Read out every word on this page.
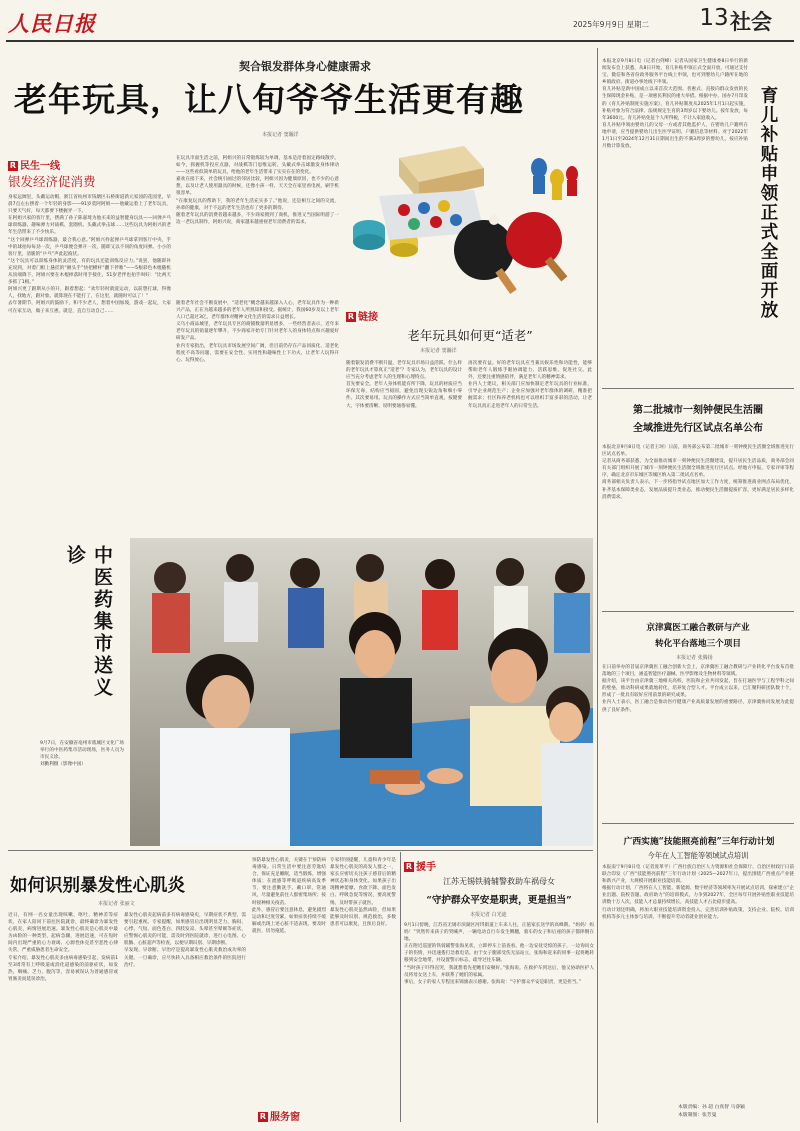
人民日报	2025年9月9日 星期二	13 社会
契合银发群体身心健康需求
老年玩具，让八旬爷爷生活更有趣
本报记者 窦瀚洋
R 民生一线
银发经济促消费
身家远阔里，头戴运动帽，浙江省杭州市钱塘区石桥街道新元家园的花园里，早晨7点左右摆着一个年轻的身影——91岁莫阿阿姐——他戴运着上了老年玩具，只要天气好，每天都要下楼握弄一下。
在阿姐兴家的客厅里，摆满了孙子陈嘉琦为他买来的益智健身玩具——回弹乒乓球训练器、趣味弹力对战棋、套圈机、头戴式拳击球……这些玩具为阿姐兴的老年生活带来了不少快乐。
“这个回弹乒乓球训练器，最合我心意。”阿姐兴拎起弹乒乓球拿到客厅中央，手中的球拍每每劲一次，乒乓球便会弹开一次，随即又以不同的角度回弹。小小的客厅里，清脆的“乒乓”声此起彼伏。
“这个玩具可以训练身体的灵活度，有的玩具还能训练反应力。”说罢，他随即补充说到，对着门框上悬挂的“额头手”快把横杆“翻下伴唯”——5根彩色木棍随机从顶端降下，阿姐兴要在木棍掉落时用手接住，51岁老伴也拍手叫好：“比两天多抓了1根。”
阿姐兴更了跟斯从小的开，跟着想起：“欢年轻时就爱运动，以前想打球，得像人，找地方，跟对象。就算现在不能打了，在这里，就随时可以了！”
去年暑期节，阿姐兴的鼓励下，和不少老人，想着中国加坡，游戏一起玩，大家可在家互动，做子来互惠，就是，直自互动自己……
在玩具市面生活之前，阿姐兴的日常锻炼较为单调，基本是沿着固定路线散步。如今，抓握机等投应点器，对战棋等门思维运转，头戴式拳击球激发身体律动——这些看似简单的玩具，给他的老年生活带来了实实在在的变化。
嘉欢在接下来，社会统引画过的邻居比较，阿姐兴因为健康原因，也不少的心意想，以及让老人使用器具的时候，还像小孩一样，天天全在家里看电视，刷手机很容单。
“在康复玩具的帮助下，我的老年生活充实多了。”他说，还是相互之间的交流，孙辈的健康，对于不远的老年生活也有了更多的期待。
随着老年玩具的消费者越来越多，不少商家拥到了商机，推进又当国际明游了一边一老玩具制作，阿姐兴说，商家越来越重视老年消费者的需求。
随着老年社会不断发展中，“适老化”概念越来越深入人心，老年玩具作为一种新兴产品，正在为越来越多的老年人所熟知和接受。据统计，我国60岁及以上老年人口已超过3亿，老年群体对精神文化生活的需求日益增长。
义乌小商品城里，老年玩具专区的商铺数量明显增多，一些经营者表示，近年来老年玩具的销量逐年攀升，不少商家开始专门针对老年人的身体特点和兴趣爱好研发产品。
业内专家指出，老年玩具市场发展空间广阔，但目前仍存在产品同质化、适老化程度不高等问题，需要在安全性、实用性和趣味性上下功夫，让老年人玩得开心、玩得放心。
R 链接
老年玩具如何更“适老”
本报记者 窦瀚洋
随着银发消费不断升温，老年玩具市场日益活跃。什么样的老年玩具才算真正“适老”？专家认为，老年玩具的设计应当充分考虑老年人的生理和心理特点。
首先要安全。老年人身体机能有所下降，玩具的材质应当环保无毒，结构应当稳固，避免出现尖锐边角和细小零件。其次要易用。玩具的操作方式应当简单直观，按键要大、字体要清晰、说明要通俗易懂。
再次要有益。好的老年玩具应当兼具娱乐性和功能性，能够帮助老年人锻炼手眼协调能力、活跃思维、促进社交。此外，还要注重情感陪伴，满足老年人的精神需求。
业内人士建议，相关部门应加快制定老年玩具的行业标准，引导企业规范生产；企业应加强对老年群体的调研，精准把握需求；社区和养老机构也可以组织丰富多彩的活动，让老年玩具真正走进老年人的日常生活。
中医药集市送义诊
9月7日，在安徽省亳州市谯城区文化广场举行的中医药集市活动现场，医务人员为市民义诊。
刘勤利摄（影像中国）
如何识别暴发性心肌炎
本报记者 张丽文
近日，有网一名女童出现咳嗽、呕吐、精神差等症状，在家人陪同下前往医院就诊，最终确诊为暴发性心肌炎，病情进展迅速。暴发性心肌炎是心肌炎中最为凶险的一种类型，起病急骤，进展迅速，可在短时间内出现严重的心力衰竭、心源性休克甚至恶性心律失常，严重威胁患者生命安全。
专家介绍，暴发性心肌炎多由病毒感染引起，发病前1至3周常有上呼吸道或消化道感染的前驱症状，如发热、咽痛、乏力、腹泻等，容易被误认为普通感冒或胃肠炎而延误诊治。
暴发性心肌炎起病前多有病毒感染史，早期症状不典型，需要引起重视。专家提醒，如果感冒后出现明显乏力、胸闷、心悸、气短、面色苍白、四肢发凉、头晕甚至晕厥等症状，应警惕心肌炎的可能，需及时到医院就诊，进行心电图、心肌酶、心脏超声等检查，以便早期识别、早期诊断。
早发现、早诊断、早治疗是提高暴发性心肌炎救治成功率的关键。一旦确诊，应尽快转入具备相应救治条件的医院进行治疗。
预防暴发性心肌炎，关键在于预防病毒感染。日常生活中要注意劳逸结合，保证充足睡眠，适当锻炼，增强体质；在流感等呼吸道疾病高发季节，要注意勤洗手、戴口罩、常通风，尽量避免前往人群密集场所；按时接种相关疫苗。
此外，感冒后要注意休息，避免剧烈运动和过度劳累，如果症状持续不缓解或出现上述心脏不适表现，要及时就医，切勿拖延。
专家特别提醒，儿童和青少年是暴发性心肌炎的高发人群之一，家长应密切关注孩子感冒后的精神状态和身体变化。如果孩子出现精神萎靡、食欲下降、面色发白、呼吸急促等情况，要高度警惕，及时带孩子就医。
暴发性心肌炎虽然凶险，但如果能够及时识别、规范救治，多数患者可以康复，且预后良好。
R 服务窗
R 援手
江苏无锡铁骑辅警救助车祸母女
“守护群众平安是职责，更是担当”
本报记者 白光迪
9月1日傍晚，江苏省无锡市滨湖区河埒街道上车来人往，正值家长送学的高峰期。“妈妈！妈妈！”突然传来孩子的哭喊声，一辆电动自行车发生侧翻，骑车的女子和后座的孩子都摔倒在地。
正在附近巡逻的铁骑辅警张海见状，立即停车上前查看。他一边安抚受惊的孩子，一边询问女子的伤情，并迅速拨打急救电话。由于女子腿部受伤无法站立，张海和赶来的同事一起将她转移到安全地带，并设置警示标志，疏导过往车辆。
“当时孩子吓得直哭，我就想着先把她们安顿好。”张海说。在救护车到达后，他又协助医护人员将母女送上车，并联系了她们的家属。
事后，女子的家人专程送来锦旗表示感谢。张海说：“守护群众平安是职责，更是担当。”
本报北京9月8日电（记者白剑峰）记者从国家卫生健康委8日举行的新闻发布会上获悉，从8日开始，育儿补贴申领正式全面开放，可通过支付宝、微信和各省份政务服务平台线上申领，也可到婴幼儿户籍所在地的乡镇政府、街道办事处线下申领。
育儿补贴是新中国成立以来首次大范围、普惠式、直接向群众发放的民生保障现金补贴，是一项惠民利民的重大举措。根据中办、国办7月印发的《育儿补贴制度实施方案》，育儿补贴制度从2025年1月1日起实施，补贴对象为符合法律、法规规定生育的3周岁以下婴幼儿。按年发放，每年3600元。育儿补贴免征个人所得税，不计入家庭收入。
育儿补贴申领由婴幼儿的父母一方或者其他监护人，在婴幼儿户籍所在地申请，应当提供婴幼儿出生医学证明、户籍信息等材料。对于2022年1月1日至2024年12月31日期间出生的不满3周岁的婴幼儿，按应补贴月数计算发放。	育儿补贴申领正式全面开放
第二批城市一刻钟便民生活圈
全域推进先行区试点名单公布
本报北京9月8日电（记者王珂）日前，商务部公布第二批城市一刻钟便民生活圈全域推进先行区试点名单。
记者从商务部获悉，为全面推动城市一刻钟便民生活圈建设，提升居民生活品质，商务部会同有关部门组织开展了城市一刻钟便民生活圈全域推进先行区试点。经地方申报、专家评审等程序，确定北京市东城区等城区纳入第二批试点名单。
商务部相关负责人表示，下一步将指导试点地区加大工作力度，统筹推进商业网点布局优化，补齐基本保障类业态，发展品质提升类业态，推动便民生活圈提质扩容，更好满足居民多样化消费需求。
京津冀医工融合教研与产业
转化平台落地三个项目
本报记者 张腾扬
在日前举办的首届京津冀医工融合创新大会上，京津冀医工融合教研与产业转化平台发布首批落地的三个项目，涵盖智能医疗器械、医学影像及生物材料等领域。
据介绍，该平台由京津冀三地相关高校、医院和企业共同发起，旨在打通医学与工程学科之间的壁垒，推动科研成果就地转化，培养复合型人才。平台成立以来，已汇聚科研团队数十个，形成了一批具有较好应用前景的研究成果。
业内人士表示，医工融合是推动医疗健康产业高质量发展的重要路径，京津冀协同发展为此提供了良好条件。
广西实施“技能照亮前程”三年行动计划
今年在人工智能等领域试点培训
本报南宁9月8日电（记者庞革平）广西壮族自治区人力资源和社会保障厅、自治区财政厅日前联合印发《广西“技能照亮前程”三年行动计划（2025—2027年）》，提出围绕广西重点产业链和新兴产业，大规模开展职业技能培训。
根据行动计划，广西将在人工智能、新能源、数字经济等领域率先开展试点培训，探索建立“企业出题、院校答题、政府助力”的培训模式，力争到2027年，全区每年开展补贴性职业技能培训数十万人次，技能人才总量持续增长，高技能人才占比稳步提高。
行动计划还明确，将加大职业技能培训资金投入，完善培训补贴政策，支持企业、院校、培训机构等多元主体参与培训，不断提升劳动者就业创业能力。
本版责编：孙 超 白真智 马睿颖
本版制图：张芳曼
